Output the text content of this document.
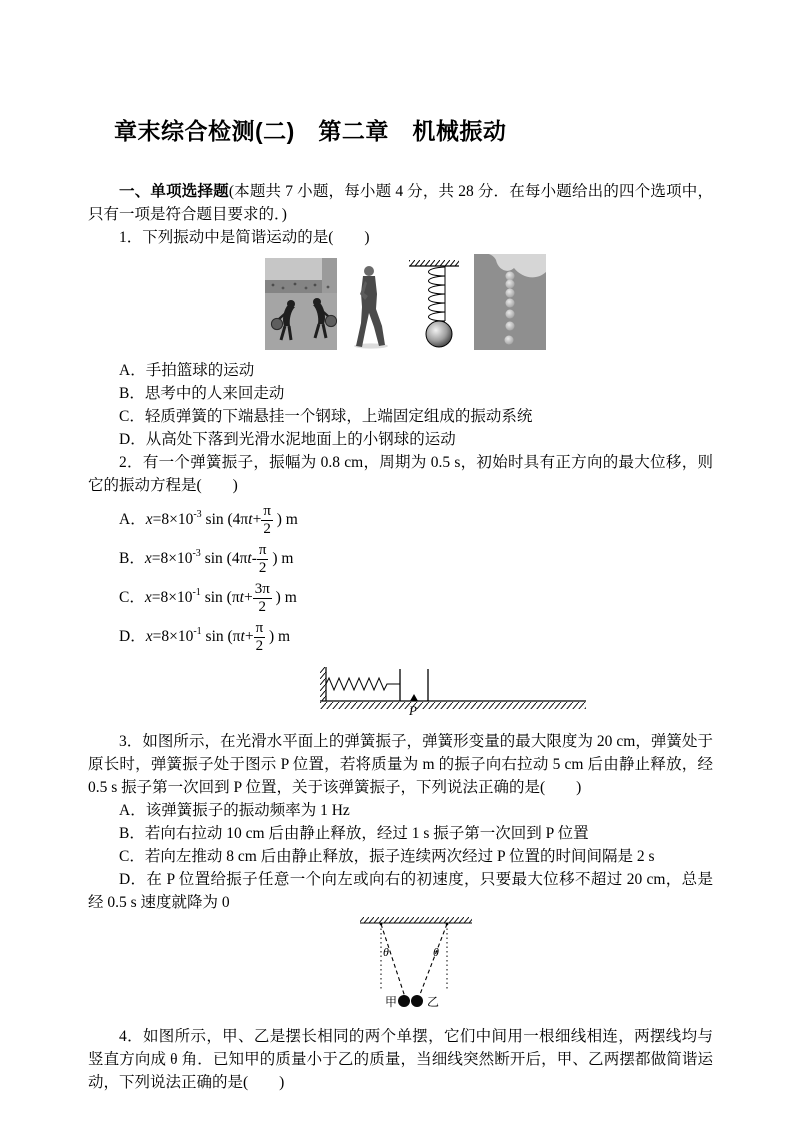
章末综合检测(二)　第二章　机械振动

一、单项选择题(本题共 7 小题，每小题 4 分，共 28 分．在每小题给出的四个选项中，只有一项是符合题目要求的．)

1．下列振动中是简谐运动的是(　　)

A．手拍篮球的运动

B．思考中的人来回走动

C．轻质弹簧的下端悬挂一个钢球，上端固定组成的振动系统

D．从高处下落到光滑水泥地面上的小钢球的运动

2．有一个弹簧振子，振幅为 0.8 cm，周期为 0.5 s，初始时具有正方向的最大位移，则它的振动方程是(　　)

A．$x=8\times 10^{-3}$ $\sin (4\pi t+ \frac{\pi}{2}$ ) m
B．$x=8\times 10^{-3}$ $\sin (4\pi t- \frac{\pi}{2}$ ) m
C．$x=8\times 10^{-1}$ $\sin (\pi t+ \frac{3\pi}{2}$ ) m
D．$x=8\times 10^{-1}$ $\sin (\pi t+ \frac{\pi}{2}$ ) m
P

3．如图所示，在光滑水平面上的弹簧振子，弹簧形变量的最大限度为 20 cm，弹簧处于原长时，弹簧振子处于图示 P 位置，若将质量为 m 的振子向右拉动 5 cm 后由静止释放，经 0.5 s 振子第一次回到 P 位置，关于该弹簧振子，下列说法正确的是(　　)

A．该弹簧振子的振动频率为 1 Hz

B．若向右拉动 10 cm 后由静止释放，经过 1 s 振子第一次回到 P 位置

C．若向左推动 8 cm 后由静止释放，振子连续两次经过 P 位置的时间间隔是 2 s

D．在 P 位置给振子任意一个向左或向右的初速度，只要最大位移不超过 20 cm，总是经 0.5 s 速度就降为 0

θ	θ
甲 乙

4．如图所示，甲、乙是摆长相同的两个单摆，它们中间用一根细线相连，两摆线均与竖直方向成 θ 角．已知甲的质量小于乙的质量，当细线突然断开后，甲、乙两摆都做简谐运动，下列说法正确的是(　　)
